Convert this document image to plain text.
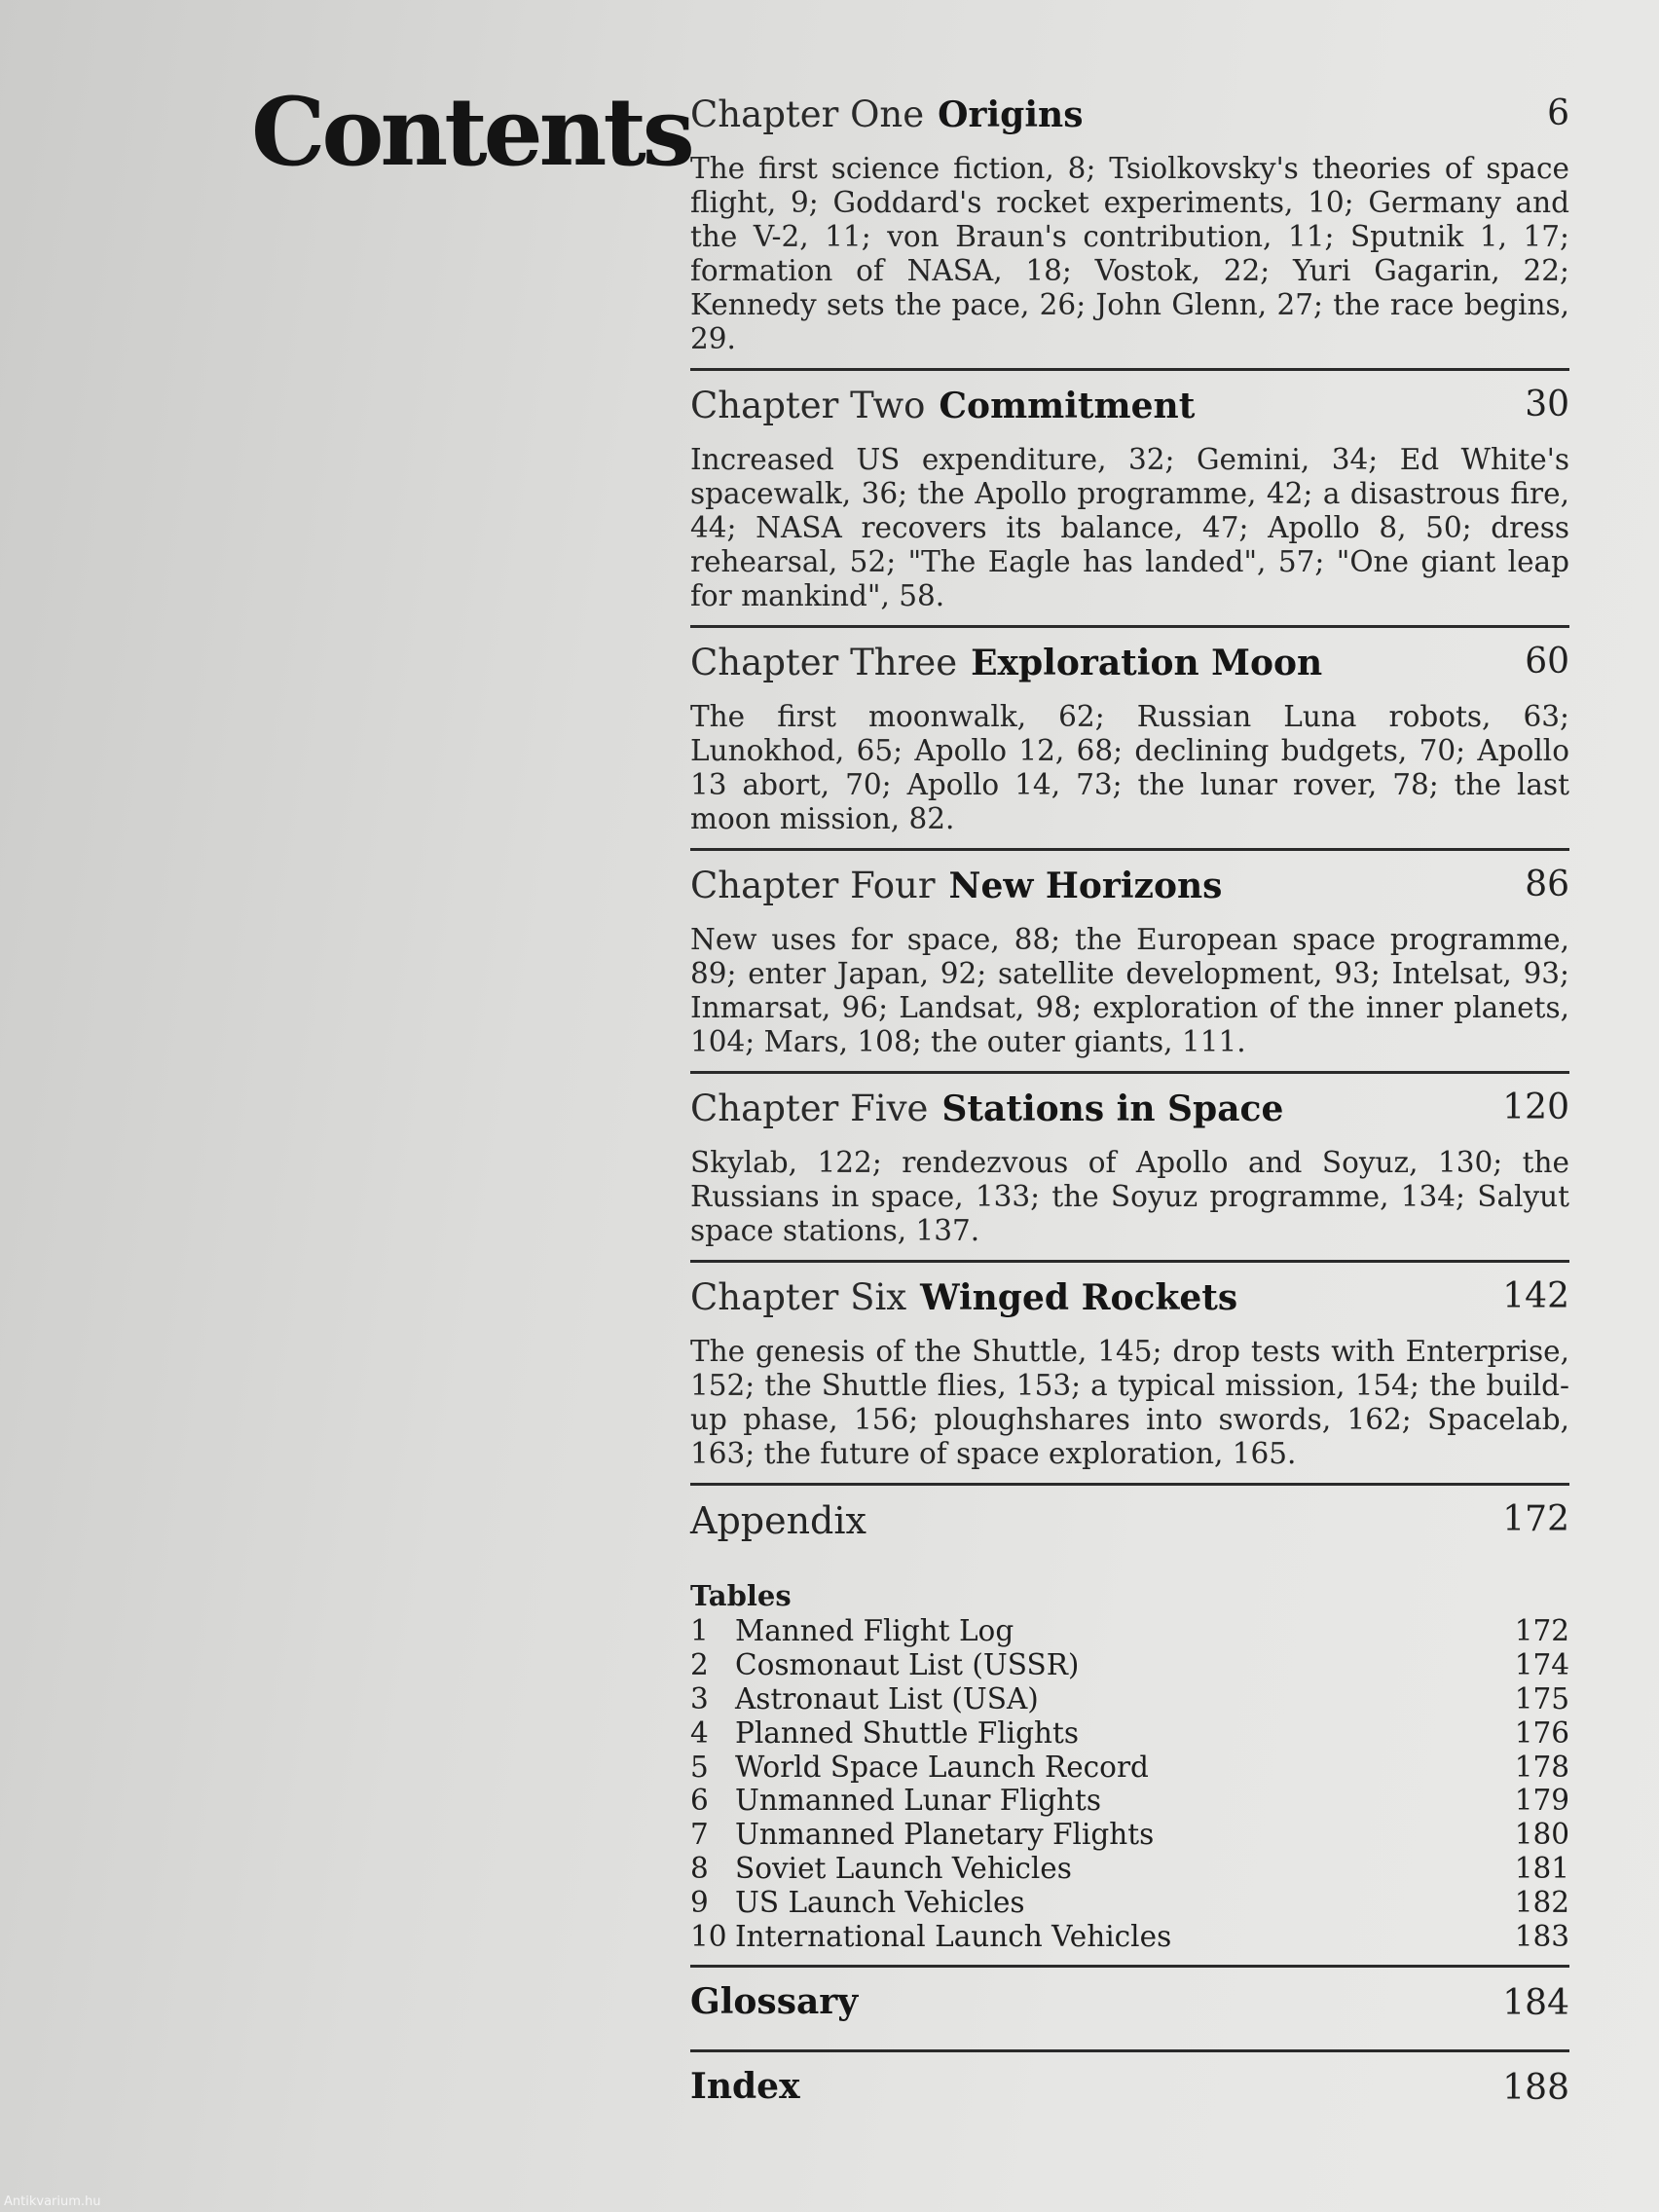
Contents Chapter One Origins	6

The first science fiction, 8; Tsiolkovsky's theories of space flight, 9; Goddard's rocket experiments, 10; Germany and the V-2, 11; von Braun's contribution, 11; Sputnik 1, 17; formation of NASA, 18; Vostok, 22; Yuri Gagarin, 22; Kennedy sets the pace, 26; John Glenn, 27; the race begins, 29.

Chapter Two Commitment	30

Increased US expenditure, 32; Gemini, 34; Ed White's spacewalk, 36; the Apollo programme, 42; a disastrous fire, 44; NASA recovers its balance, 47; Apollo 8, 50; dress rehearsal, 52; "The Eagle has landed", 57; "One giant leap for mankind", 58.

Chapter Three Exploration Moon	60

The first moonwalk, 62; Russian Luna robots, 63; Lunokhod, 65; Apollo 12, 68; declining budgets, 70; Apollo 13 abort, 70; Apollo 14, 73; the lunar rover, 78; the last moon mission, 82.

Chapter Four New Horizons	86

New uses for space, 88; the European space programme, 89; enter Japan, 92; satellite development, 93; Intelsat, 93; Inmarsat, 96; Landsat, 98; exploration of the inner planets, 104; Mars, 108; the outer giants, 111.

Chapter Five Stations in Space	120

Skylab, 122; rendezvous of Apollo and Soyuz, 130; the Russians in space, 133; the Soyuz programme, 134; Salyut space stations, 137.

Chapter Six Winged Rockets	142

The genesis of the Shuttle, 145; drop tests with Enterprise, 152; the Shuttle flies, 153; a typical mission, 154; the build-up phase, 156; ploughshares into swords, 162; Spacelab, 163; the future of space exploration, 165.

Appendix	172
Tables
1 Manned Flight Log	172
2 Cosmonaut List (USSR)	174
3 Astronaut List (USA)	175
4 Planned Shuttle Flights	176
5 World Space Launch Record	178
6 Unmanned Lunar Flights	179
7 Unmanned Planetary Flights	180
8 Soviet Launch Vehicles	181
9 US Launch Vehicles	182
10 International Launch Vehicles	183
Glossary	184
Index	188
Antikvarium.hu
